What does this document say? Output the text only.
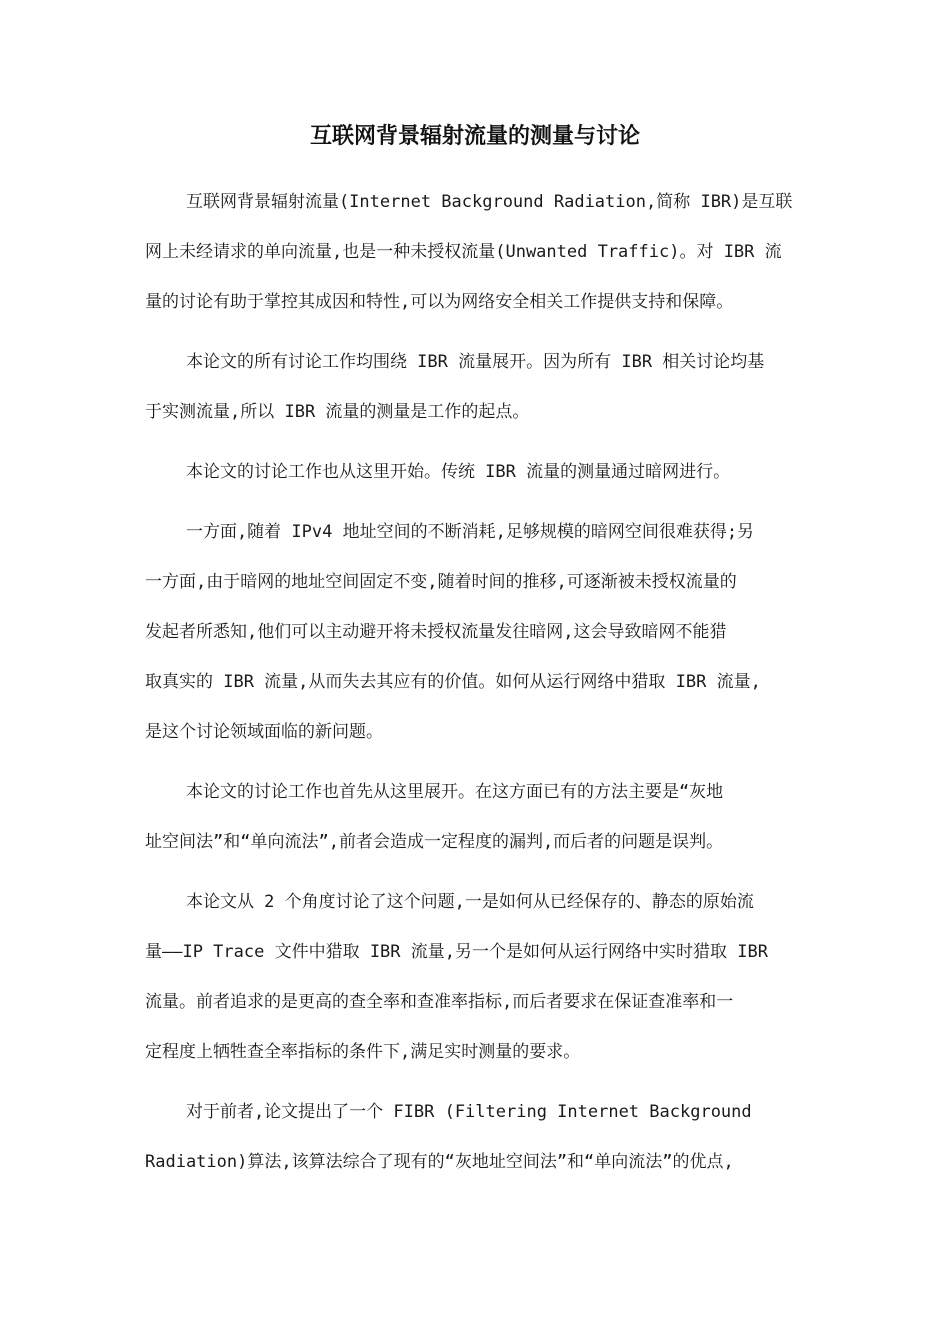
互联网背景辐射流量的测量与讨论
互联网背景辐射流量(Internet Background Radiation,简称 IBR)是互联
网上未经请求的单向流量,也是一种未授权流量(Unwanted Traffic)。对 IBR 流
量的讨论有助于掌控其成因和特性,可以为网络安全相关工作提供支持和保障。
本论文的所有讨论工作均围绕 IBR 流量展开。因为所有 IBR 相关讨论均基
于实测流量,所以 IBR 流量的测量是工作的起点。
本论文的讨论工作也从这里开始。传统 IBR 流量的测量通过暗网进行。
一方面,随着 IPv4 地址空间的不断消耗,足够规模的暗网空间很难获得;另
一方面,由于暗网的地址空间固定不变,随着时间的推移,可逐渐被未授权流量的
发起者所悉知,他们可以主动避开将未授权流量发往暗网,这会导致暗网不能猎
取真实的 IBR 流量,从而失去其应有的价值。如何从运行网络中猎取 IBR 流量,
是这个讨论领域面临的新问题。
本论文的讨论工作也首先从这里展开。在这方面已有的方法主要是“灰地
址空间法”和“单向流法”,前者会造成一定程度的漏判,而后者的问题是误判。
本论文从 2 个角度讨论了这个问题,一是如何从已经保存的、静态的原始流
量——IP Trace 文件中猎取 IBR 流量,另一个是如何从运行网络中实时猎取 IBR
流量。前者追求的是更高的查全率和查准率指标,而后者要求在保证查准率和一
定程度上牺牲查全率指标的条件下,满足实时测量的要求。
对于前者,论文提出了一个 FIBR (Filtering Internet Background
Radiation)算法,该算法综合了现有的“灰地址空间法”和“单向流法”的优点,
